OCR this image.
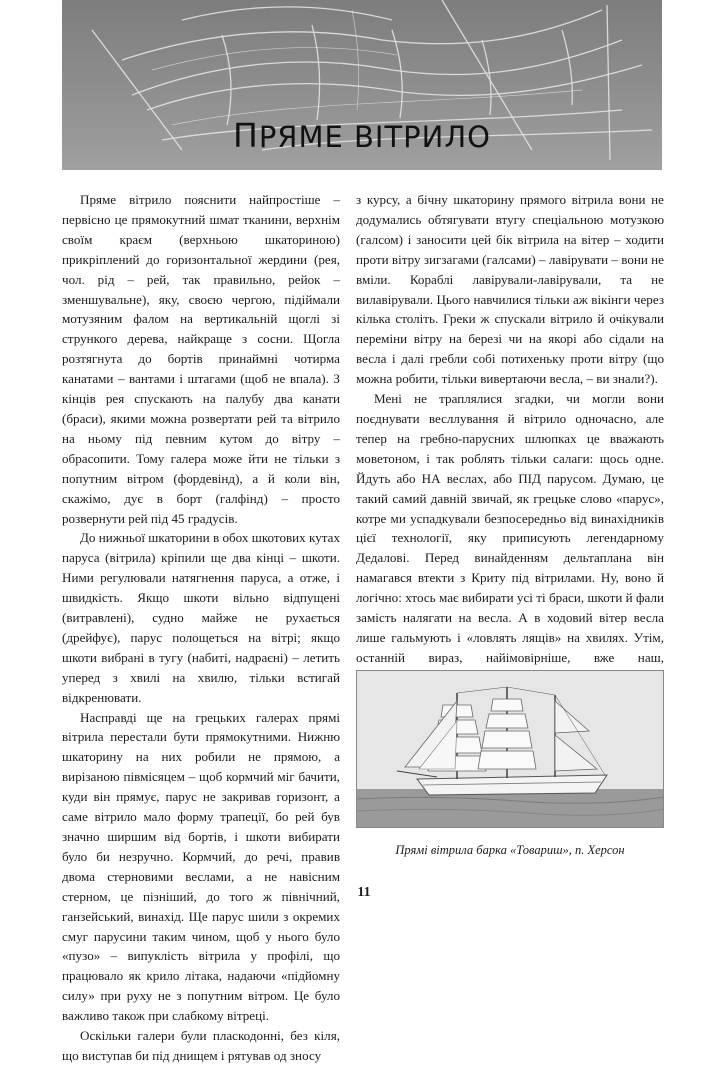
ПРЯМЕ ВІТРИЛО

Пряме вітрило пояснити найпростіше – первісно це прямокутний шмат тканини, верхнім своїм краєм (верхньою шкаториною) прикріплений до горизонтальної жердини (рея, чол. рід – рей, так правильно, рейок – зменшувальне), яку, своєю чергою, підіймали мотузяним фалом на вертикальній щоглі зі стрункого дерева, найкраще з сосни. Щогла розтягнута до бортів принаймні чотирма канатами – вантами і штагами (щоб не впала). З кінців рея спускають на палубу два канати (браси), якими можна розвертати рей та вітрило на ньому під певним кутом до вітру – обрасопити. Тому галера може йти не тільки з попутним вітром (фордевінд), а й коли він, скажімо, дує в борт (галфінд) – просто розвернути рей під 45 градусів.

До нижньої шкаторини в обох шкотових кутах паруса (вітрила) кріпили ще два кінці – шкоти. Ними регулювали натягнення паруса, а отже, і швидкість. Якщо шкоти вільно відпущені (витравлені), судно майже не рухається (дрейфує), парус полощеться на вітрі; якщо шкоти вибрані в тугу (набиті, надраєні) – летить уперед з хвилі на хвилю, тільки встигай відкренювати.

Насправді ще на грецьких галерах прямі вітрила перестали бути прямокутними. Нижню шкаторину на них робили не прямою, а вирізаною півмісяцем – щоб кормчий міг бачити, куди він прямує, парус не закривав горизонт, а саме вітрило мало форму трапеції, бо рей був значно ширшим від бортів, і шкоти вибирати було би незручно. Кормчий, до речі, правив двома стерновими веслами, а не навісним стерном, це пізніший, до того ж північний, ганзейський, винахід. Ще парус шили з окремих смуг парусини таким чином, щоб у нього було «пузо» – випуклість вітрила у профілі, що працювало як крило літака, надаючи «підйомну силу» при руху не з попутним вітром. Це було важливо також при слабкому вітреці.

Оскільки галери були пласкодонні, без кіля, що виступав би під днищем і рятував од зносу

з курсу, а бічну шкаторину прямого вітрила вони не додумались обтягувати втугу спеціальною мотузкою (галсом) і заносити цей бік вітрила на вітер – ходити проти вітру зигзагами (галсами) – лавірувати – вони не вміли. Кораблі лавірували-лавірували, та не вилавірували. Цього навчилися тільки аж вікінги через кілька століть. Греки ж спускали вітрило й очікували переміни вітру на березі чи на якорі або сідали на весла і далі гребли собі потихеньку проти вітру (що можна робити, тільки вивертаючи весла, – ви знали?).

Мені не траплялися згадки, чи могли вони поєднувати весллування й вітрило одночасно, але тепер на гребно-парусних шлюпках це вважають моветоном, і так роблять тільки салаги: щось одне. Йдуть або НА веслах, або ПІД парусом. Думаю, це такий самий давній звичай, як грецьке слово «парус», котре ми успадкували безпосередньо від винахідників цієї технології, яку приписують легендарному Дедалові. Перед винайденням дельтаплана він намагався втекти з Криту під вітрилами. Ну, воно й логічно: хтось має вибирати усі ті браси, шкоти й фали замість налягати на весла. А в ходовий вітер весла лише гальмують і «ловлять лящів» на хвилях. Утім, останній вираз, найімовірніше, вже наш,

Прямі вітрила барка «Товариш», п. Херсон
11
